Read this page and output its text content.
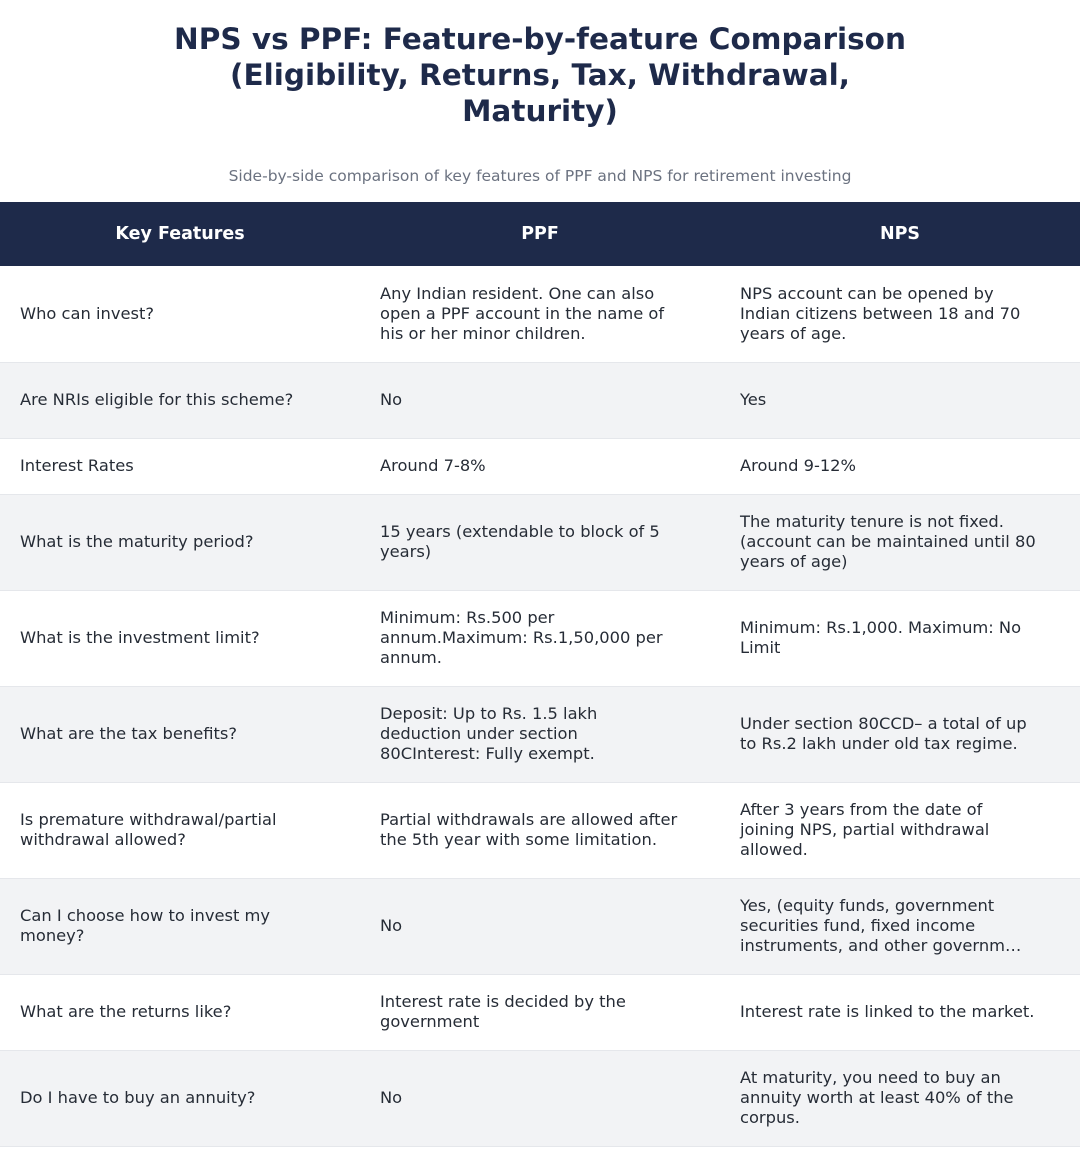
NPS vs PPF: Feature-by-feature Comparison
(Eligibility, Returns, Tax, Withdrawal,
Maturity)

Side-by-side comparison of key features of PPF and NPS for retirement investing

Key Features	PPF	NPS
Who can invest?	Any Indian resident. One can also open a PPF account in the name of his or her minor children.	NPS account can be opened by Indian citizens between 18 and 70 years of age.
Are NRIs eligible for this scheme?	No	Yes
Interest Rates	Around 7-8%	Around 9-12%
What is the maturity period?	15 years (extendable to block of 5 years)	The maturity tenure is not fixed.(account can be maintained until 80 years of age)
What is the investment limit?	Minimum: Rs.500 per annum.Maximum: Rs.1,50,000 per annum.	Minimum: Rs.1,000. Maximum: No Limit
What are the tax benefits?	Deposit: Up to Rs. 1.5 lakh deduction under section 80CInterest: Fully exempt.	Under section 80CCD– a total of up to Rs.2 lakh under old tax regime.
Is premature withdrawal/partial withdrawal allowed?	Partial withdrawals are allowed after the 5th year with some limitation.	After 3 years from the date of joining NPS, partial withdrawal allowed.
Can I choose how to invest my money?	No	Yes, (equity funds, government securities fund, fixed income instruments, and other governm…

What are the returns like?	Interest rate is decided by the government	Interest rate is linked to the market.
Do I have to buy an annuity?	No	At maturity, you need to buy an annuity worth at least 40% of the corpus.
